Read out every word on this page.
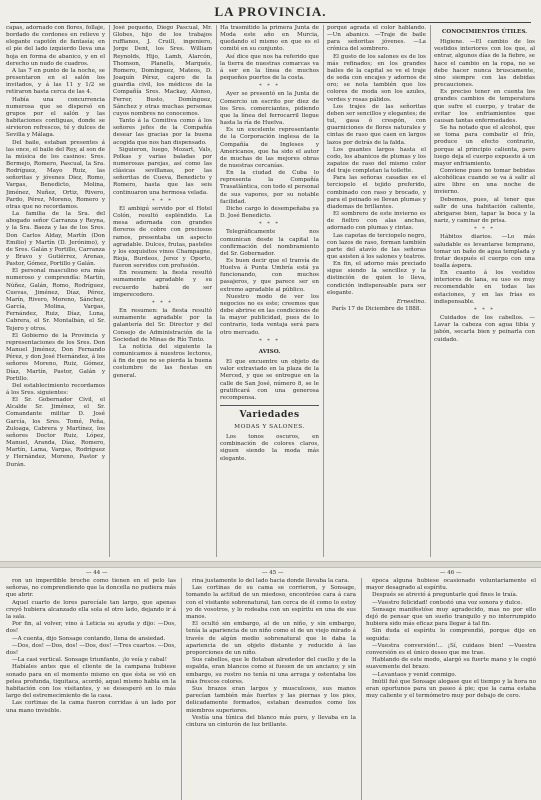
LA PROVINCIA.

capas, adornado con flores, follaje, bordado de cordones en relieve y elegante capotón de fantasía; en el pie del lado izquierdo lleva una hoja en forma de abanico, y en el derecho un nudo de cuadros.

A las 7 en punto de la noche, se presentaron en el salón los invitados, y á las 11 y 1/2 se retiraron hasta cerca de las 4.

Había una concurrencia numerosa que se dispersó en grupos por el salón y las habitaciones contiguas, donde se sirvieron refrescos, té y dulces de Sevilla y Málaga.

Del baile, estaban presentes á las once, el baile del Rey, al son de la música de los casinos: Sres. Bermejo, Romero, Pascual, la Sra. Rodríguez, Mayo Ruiz, las señoritas y jóvenes Diez, Romo, Vargas, Benedicto, Molina, Jiménez, Nuñez, Ortiz, Rivero, Pardo, Pérez, Moreno, Romero y otras que no recordamos.

La familia de la Sra. del abogado señor Carranza y Reyna, y la Sra. Baeza y las de los Sres. Don Carlos Alday, Martín (Don Emilio) y Martín (D. Jerónimo), y de Sres. Galán y Portillo, Carranza y Bravo y Gutiérrez, Arenas, Pastor, Gómez, Portillo y Galán.

El personal masculino era más numeroso y comprendía: Martín, Núñez, Galán, Romo, Rodríguez, Cuevas, Jiménez, Díaz, Pérez, Marín, Rivero, Moreno, Sánchez, García, Molina, Vargas, Fernández, Ruiz, Díaz, Luna, Cabrera, el Sr. Montalbán, el Sr. Tejero y otros.

El Gobierno de la Provincia y representaciones de los Sres. Don Manuel Jiménez, Don Fernando Pérez, y don José Hernández, á los señores Moreno, Ruiz, Gómez, Díaz, Martín, Pastor, Galán y Portillo.

Del establecimiento recordamos á los Sres. siguientes:

El Sr. Gobernador Civil, el Alcalde Sr. Jiménez, el Sr. Comandante militar D. José García, los Sres. Tomé, Peña, Zuloaga, Cabrera y Martínez, los señores Doctor Ruiz, López, Manuel, Aranda, Díaz, Romero, Martín, Lama, Vargas, Rodríguez y Hernández, Moreno, Pastor y Durán.

José pequeño, Diego Pascual, Mr. Globes, hijo de los trabajos ruffianos, J. Cruill, ingeniero, Jorge Dent, los Sres. William Reynolds, Hijo, Lamb, Alarcón, Thomson, Planells, Marqués, Romero, Domínguez, Mateos, D. Joaquín Pérez, cajero de la guardia civil, los médicos de la Compañía Sres. Mackay, Alonso, Ferrer, Busto, Domínguez, Sánchez y otras muchas personas cuyos nombres no conocemos.

Tanto á la Comitiva como á los señores jefes de la Compañía desear las gracias por la buena acogida que nos han dispensado.

Siguieron, luego, Mozart, Vals, Polkas y varias baladas por numerosas parejas, así como las clásicas sevillanas, por las señoritas de Cueva, Benedicto y Romero, hasta que las seis continuaron una hermosa velada.

* * *

El ambigú servido por el Hotel Colón, resultó espléndido. La mesa adornada con grandes floreros de cobre con preciosos ramos, presentaba un aspecto agradable. Dulces, frutas, pasteles y los exquisitos vinos Champagne, Rioja, Burdeos, Jerez y Oporto, fueron servidos con profusión.

En resumen: la fiesta resultó sumamente agradable y su recuerdo habrá de ser imperecedero.

* * *

En resumen: la fiesta resultó sumamente agradable por la galantería del Sr. Director y del Consejo de Administración de la Sociedad de Minas de Río Tinto.

La noticia del siguiente la comunicamos á nuestros lectores, á fin de que no se pierda la buena costumbre de las fiestas en general.

Ha trasmitido la primera Junta de Moda este año en Murcia, quedando el mismo en que es el comité en su conjunto.

Así dice que nos ha referido que la tierra de nuestras comarcas va á ser en la línea de muchos pequeños puertos de la costa.

* * *

Ayer se presentó en la Junta de Comercio un escrito por diez de los Sres. comerciantes, pidiendo que la línea del ferrocarril llegue hasta la ría de Huelva.

Es un excelente representante de la Corporación inglesa de la Compañía de Ingleses y Americanos, que ha sido el autor de muchas de las mejores obras de nuestras cercanías.

En la ciudad de Cuba lo representa la Compañía Trasatlántica, con todo el personal de sus vapores, por su notable facilidad.

Dicho cargo lo desempeñaba ya D. José Benedicto.

* * *

Telegráficamente nos comunican desde la capital la confirmación del nombramiento del Sr. Gobernador.

Es buen decir que el tranvía de Huelva á Punta Umbría está ya funcionando, con muchos pasajeros, y que parece ser en extremo agradable al público.

Nuestro modo de ver los negocios no es este; creemos que debe abrirse en las condiciones de la mayor publicidad, pues de lo contrario, toda ventaja será para otro mercado.

* * *
AVISO.

El que encuentre un objeto de valor extraviado en la plaza de la Merced, y que se entregue en la calle de San José, número 8, se le gratificará con una generosa recompensa.

Variedades
MODAS Y SALONES.

Los tonos oscuros, en combinación de colores claros, siguen siendo la moda más elegante.

porqué agrada el color hablando. —Un abanico. —Traje de baile para señoritas jóvenes. —La crónica del sombrero.

El gusto de los salones es de los más refinados; en los grandes bailes de la capital se ve el traje de seda con encajes y adornos de oro; se nota también que los colores de moda son los azules, verdes y rosas pálidos.

Los trajes de las señoritas deben ser sencillos y elegantes; de tul, gasa ó crespón, con guarniciones de flores naturales y cintas de raso que caen en largos lazos por detrás de la falda.

Los guantes largos hasta el codo, los abanicos de plumas y los zapatos de raso del mismo color del traje completan la toilette.

Para las señoras casadas es el terciopelo el tejido preferido, combinado con raso y brocado, y para el peinado se llevan plumas y diademas de brillantes.

El sombrero de este invierno es de fieltro con alas anchas, adornado con plumas y cintas.

Las capotas de terciopelo negro, con lazos de raso, forman también parte del atavío de las señoras que asisten á los salones y teatros.

En fin, el adorno más preciado sigue siendo la sencillez y la distinción de quien lo lleva, condición indispensable para ser elegante.

Ernestina.
París 17 de Diciembre de 1888.
CONOCIMIENTOS ÚTILES.

Higiene. —El cambio de los vestidos interiores con los que, al entrar, algunos días de la fiebre, se hace el cambio en la ropa, no se debe hacer nunca bruscamente, sino siempre con las debidas precauciones.

Es preciso tener en cuenta los grandes cambios de temperatura que sufre el cuerpo, y tratar de evitar los enfriamientos que causan tantas enfermedades.

Se ha notado que el alcohol, que se toma para combatir el frío, produce un efecto contrario, porque al principio calienta, pero luego deja el cuerpo expuesto á un mayor enfriamiento.

Conviene pues no tomar bebidas alcohólicas cuando se va á salir al aire libre en una noche de invierno.

Debemos, pues, al tener que salir de una habitación caliente, abrigarse bien, tapar la boca y la nariz, y caminar de prisa.

* * *

Hábitos diarios. —Lo más saludable es levantarse temprano, tomar un baño de agua templada y frotar después el cuerpo con una toalla áspera.

En cuanto á los vestidos interiores de lana, su uso es muy recomendable en todas las estaciones, y en las frías es indispensable.

* * *

Cuidados de los cabellos. —Lavar la cabeza con agua tibia y jabón, secarla bien y peinarla con cuidado.

— 44 —	— 45 —	— 46 —

ron un imperdible broche como tienen en el pelo las señoras, no comprendiendo que la doncella no pudiera más que abrir.

Aquel cuarto de lores parecíale tan largo, que apenas creyó hubiera alcanzado ella sola el otro lado, dejando ir á la sala.

Por fin, al volver, vino á Leticia su ayuda y dijo: —Dos, dos!

—A cuenta, dijo Sonsage contando, llena de ansiedad.

—Dos, dos! —Dos, dos! —Dos, dos! —Tres cuartos. —Dos, dos!

—La casi vertical. Sonsage triunfante, ¡lo veía y cabal!

Habíales antes que el cliente de la campana hubiese sonado para en el momento mismo en que ésta se vió en pelea profunda, tiquitaca, acordó, aquel mismo habla en la habitación con los visitantes, y se desesperó en lo más largo del estremecimiento de la casa.

Las cortinas de la cama fueron corridas á un lado por una mano invisible.

rina justamente lo del lado hacia donde llevaba la cara.

Las cortinas de su cama se corrieron, y Sonsage, tomando la actitud de un miedoso, encontróse cara á cara con el visitante sobrenatural, tan cerca de él como lo estoy yo de vosotros, y lo rodeaba con un espíritu en una de sus manos.

El ocultó sin embargo, al de un niño, y sin embargo, tenía la apariencia de un niño como el de un viejo mirado á través de algún medio sobrenatural que le daba la apariencia de un objeto distante y reducido á las proporciones de un niño.

Sus cabellos, que le flotaban alrededor del cuello y de la espalda, eran blancos como si fuesen de un anciano; y sin embargo, su rostro no tenía ni una arruga y ostentaba los más frescos colores.

Sus brazos eran largos y musculosos, sus manos parecían también más fuertes y las piernas y los pies, delicadamente formados, estaban desnudos como los miembros superiores.

Vestía una túnica del blanco más puro, y llevaba en la cintura un cinturón de luz brillante.

época alguna hubiese ocasionado voluntariamente el mayor desagrado al espíritu.

Después se atrevió á preguntarle qué fines le traía.

—Vuestro felicidad! contestó una voz sonora y dulce.

Sonsage manifestóse muy agradecido, mas no por ello dejó de pensar que un sueño tranquilo y no interrumpido hubiera sido más eficaz para llegar á tal fin.

Sin duda el espíritu lo comprendió, porque dijo en seguida:

—Vuestra conversión!... ¡Sí, cuidaos bien! —Vuestra conversión es el único deseo que me trae.

Hablando de este modo, alargó su fuerte mano y le cogió suavemente del brazo.

—Levantaos y venid conmigo.

Inútil fué que Sonsage alegase que el tiempo y la hora no eran oportunos para un paseo á pie; que la cama estaba muy caliente y el termómetro muy por debajo de cero.
